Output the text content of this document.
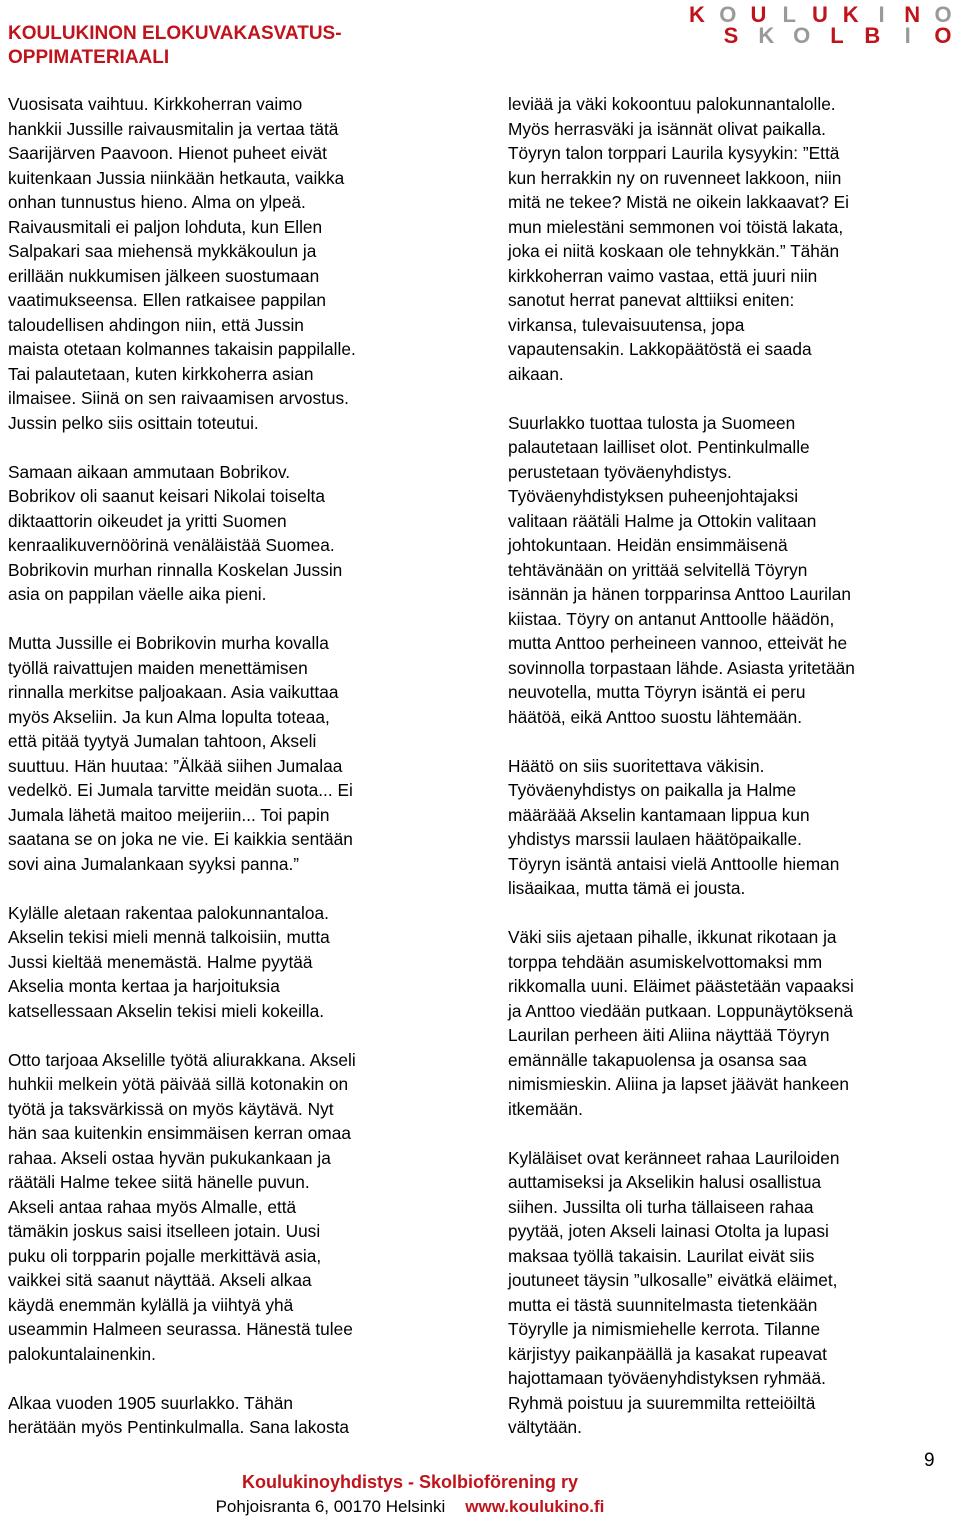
KOULUKINON ELOKUVAKASVATUS-
OPPIMATERIAALI
K O U L U K I N O
S K O L B	I	O

Vuosisata vaihtuu. Kirkkoherran vaimo
hankkii Jussille raivausmitalin ja vertaa tätä
Saarijärven Paavoon. Hienot puheet eivät
kuitenkaan Jussia niinkään hetkauta, vaikka
onhan tunnustus hieno. Alma on ylpeä.
Raivausmitali ei paljon lohduta, kun Ellen
Salpakari saa miehensä mykkäkoulun ja
erillään nukkumisen jälkeen suostumaan
vaatimukseensa. Ellen ratkaisee pappilan
taloudellisen ahdingon niin, että Jussin
maista otetaan kolmannes takaisin pappilalle.
Tai palautetaan, kuten kirkkoherra asian
ilmaisee. Siinä on sen raivaamisen arvostus.
Jussin pelko siis osittain toteutui.

Samaan aikaan ammutaan Bobrikov.
Bobrikov oli saanut keisari Nikolai toiselta
diktaattorin oikeudet ja yritti Suomen
kenraalikuvernöörinä venäläistää Suomea.
Bobrikovin murhan rinnalla Koskelan Jussin
asia on pappilan väelle aika pieni.

Mutta Jussille ei Bobrikovin murha kovalla
työllä raivattujen maiden menettämisen
rinnalla merkitse paljoakaan. Asia vaikuttaa
myös Akseliin. Ja kun Alma lopulta toteaa,
että pitää tyytyä Jumalan tahtoon, Akseli
suuttuu. Hän huutaa: ”Älkää siihen Jumalaa
vedelkö. Ei Jumala tarvitte meidän suota... Ei
Jumala lähetä maitoo meijeriin... Toi papin
saatana se on joka ne vie. Ei kaikkia sentään
sovi aina Jumalankaan syyksi panna.”

Kylälle aletaan rakentaa palokunnantaloa.
Akselin tekisi mieli mennä talkoisiin, mutta
Jussi kieltää menemästä. Halme pyytää
Akselia monta kertaa ja harjoituksia
katsellessaan Akselin tekisi mieli kokeilla.

Otto tarjoaa Akselille työtä aliurakkana. Akseli
huhkii melkein yötä päivää sillä kotonakin on
työtä ja taksvärkissä on myös käytävä. Nyt
hän saa kuitenkin ensimmäisen kerran omaa
rahaa. Akseli ostaa hyvän pukukankaan ja
räätäli Halme tekee siitä hänelle puvun.
Akseli antaa rahaa myös Almalle, että
tämäkin joskus saisi itselleen jotain. Uusi
puku oli torpparin pojalle merkittävä asia,
vaikkei sitä saanut näyttää. Akseli alkaa
käydä enemmän kylällä ja viihtyä yhä
useammin Halmeen seurassa. Hänestä tulee
palokuntalainenkin.

Alkaa vuoden 1905 suurlakko. Tähän
herätään myös Pentinkulmalla. Sana lakosta

leviää ja väki kokoontuu palokunnantalolle.
Myös herrasväki ja isännät olivat paikalla.
Töyryn talon torppari Laurila kysyykin: ”Että
kun herrakkin ny on ruvenneet lakkoon, niin
mitä ne tekee? Mistä ne oikein lakkaavat? Ei
mun mielestäni semmonen voi töistä lakata,
joka ei niitä koskaan ole tehnykkän.” Tähän
kirkkoherran vaimo vastaa, että juuri niin
sanotut herrat panevat alttiiksi eniten:
virkansa, tulevaisuutensa, jopa
vapautensakin. Lakkopäätöstä ei saada
aikaan.

Suurlakko tuottaa tulosta ja Suomeen
palautetaan lailliset olot. Pentinkulmalle
perustetaan työväenyhdistys.
Työväenyhdistyksen puheenjohtajaksi
valitaan räätäli Halme ja Ottokin valitaan
johtokuntaan. Heidän ensimmäisenä
tehtävänään on yrittää selvitellä Töyryn
isännän ja hänen torpparinsa Anttoo Laurilan
kiistaa. Töyry on antanut Anttoolle häädön,
mutta Anttoo perheineen vannoo, etteivät he
sovinnolla torpastaan lähde. Asiasta yritetään
neuvotella, mutta Töyryn isäntä ei peru
häätöä, eikä Anttoo suostu lähtemään.

Häätö on siis suoritettava väkisin.
Työväenyhdistys on paikalla ja Halme
määräää Akselin kantamaan lippua kun
yhdistys marssii laulaen häätöpaikalle.
Töyryn isäntä antaisi vielä Anttoolle hieman
lisäaikaa, mutta tämä ei jousta.

Väki siis ajetaan pihalle, ikkunat rikotaan ja
torppa tehdään asumiskelvottomaksi mm
rikkomalla uuni. Eläimet päästetään vapaaksi
ja Anttoo viedään putkaan. Loppunäytöksenä
Laurilan perheen äiti Aliina näyttää Töyryn
emännälle takapuolensa ja osansa saa
nimismieskin. Aliina ja lapset jäävät hankeen
itkemään.

Kyläläiset ovat keränneet rahaa Lauriloiden
auttamiseksi ja Akselikin halusi osallistua
siihen. Jussilta oli turha tällaiseen rahaa
pyytää, joten Akseli lainasi Otolta ja lupasi
maksaa työllä takaisin. Laurilat eivät siis
joutuneet täysin ”ulkosalle” eivätkä eläimet,
mutta ei tästä suunnitelmasta tietenkään
Töyrylle ja nimismiehelle kerrota. Tilanne
kärjistyy paikanpäällä ja kasakat rupeavat
hajottamaan työväenyhdistyksen ryhmää.
Ryhmä poistuu ja suuremmilta retteiöiltä
vältytään.

9
Koulukinoyhdistys - Skolbioförening ry
Pohjoisranta 6, 00170 Helsinki www.koulukino.fi
